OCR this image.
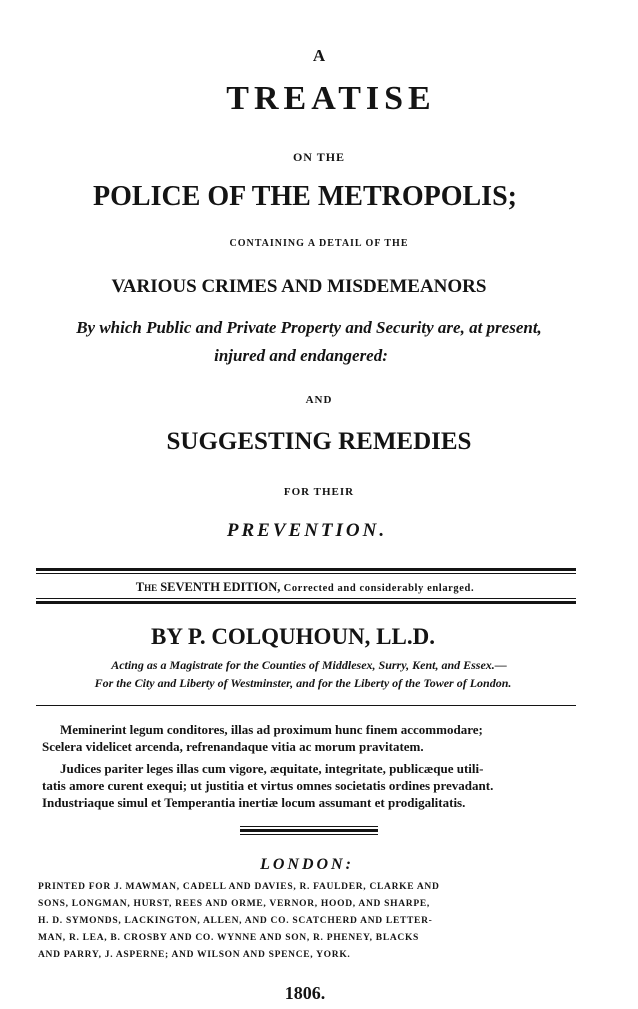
A
TREATISE
ON THE
POLICE OF THE METROPOLIS;
CONTAINING A DETAIL OF THE
VARIOUS CRIMES AND MISDEMEANORS
By which Public and Private Property and Security are, at present,
injured and endangered:
AND
SUGGESTING REMEDIES
FOR THEIR
PREVENTION.
The SEVENTH EDITION, Corrected and considerably enlarged.
BY P. COLQUHOUN, LL.D.
Acting as a Magistrate for the Counties of Middlesex, Surry, Kent, and Essex.—
For the City and Liberty of Westminster, and for the Liberty of the Tower of London.
Meminerint legum conditores, illas ad proximum hunc finem accommodare;
Scelera videlicet arcenda, refrenandaque vitia ac morum pravitatem.
Judices pariter leges illas cum vigore, æquitate, integritate, publicæque utili-
tatis amore curent exequi; ut justitia et virtus omnes societatis ordines prevadant.
Industriaque simul et Temperantia inertiæ locum assumant et prodigalitatis.
LONDON:
PRINTED FOR J. MAWMAN, CADELL AND DAVIES, R. FAULDER, CLARKE AND
SONS, LONGMAN, HURST, REES AND ORME, VERNOR, HOOD, AND SHARPE,
H. D. SYMONDS, LACKINGTON, ALLEN, AND CO. SCATCHERD AND LETTER-
MAN, R. LEA, B. CROSBY AND CO. WYNNE AND SON, R. PHENEY, BLACKS
AND PARRY, J. ASPERNE; AND WILSON AND SPENCE, YORK.
1806.
